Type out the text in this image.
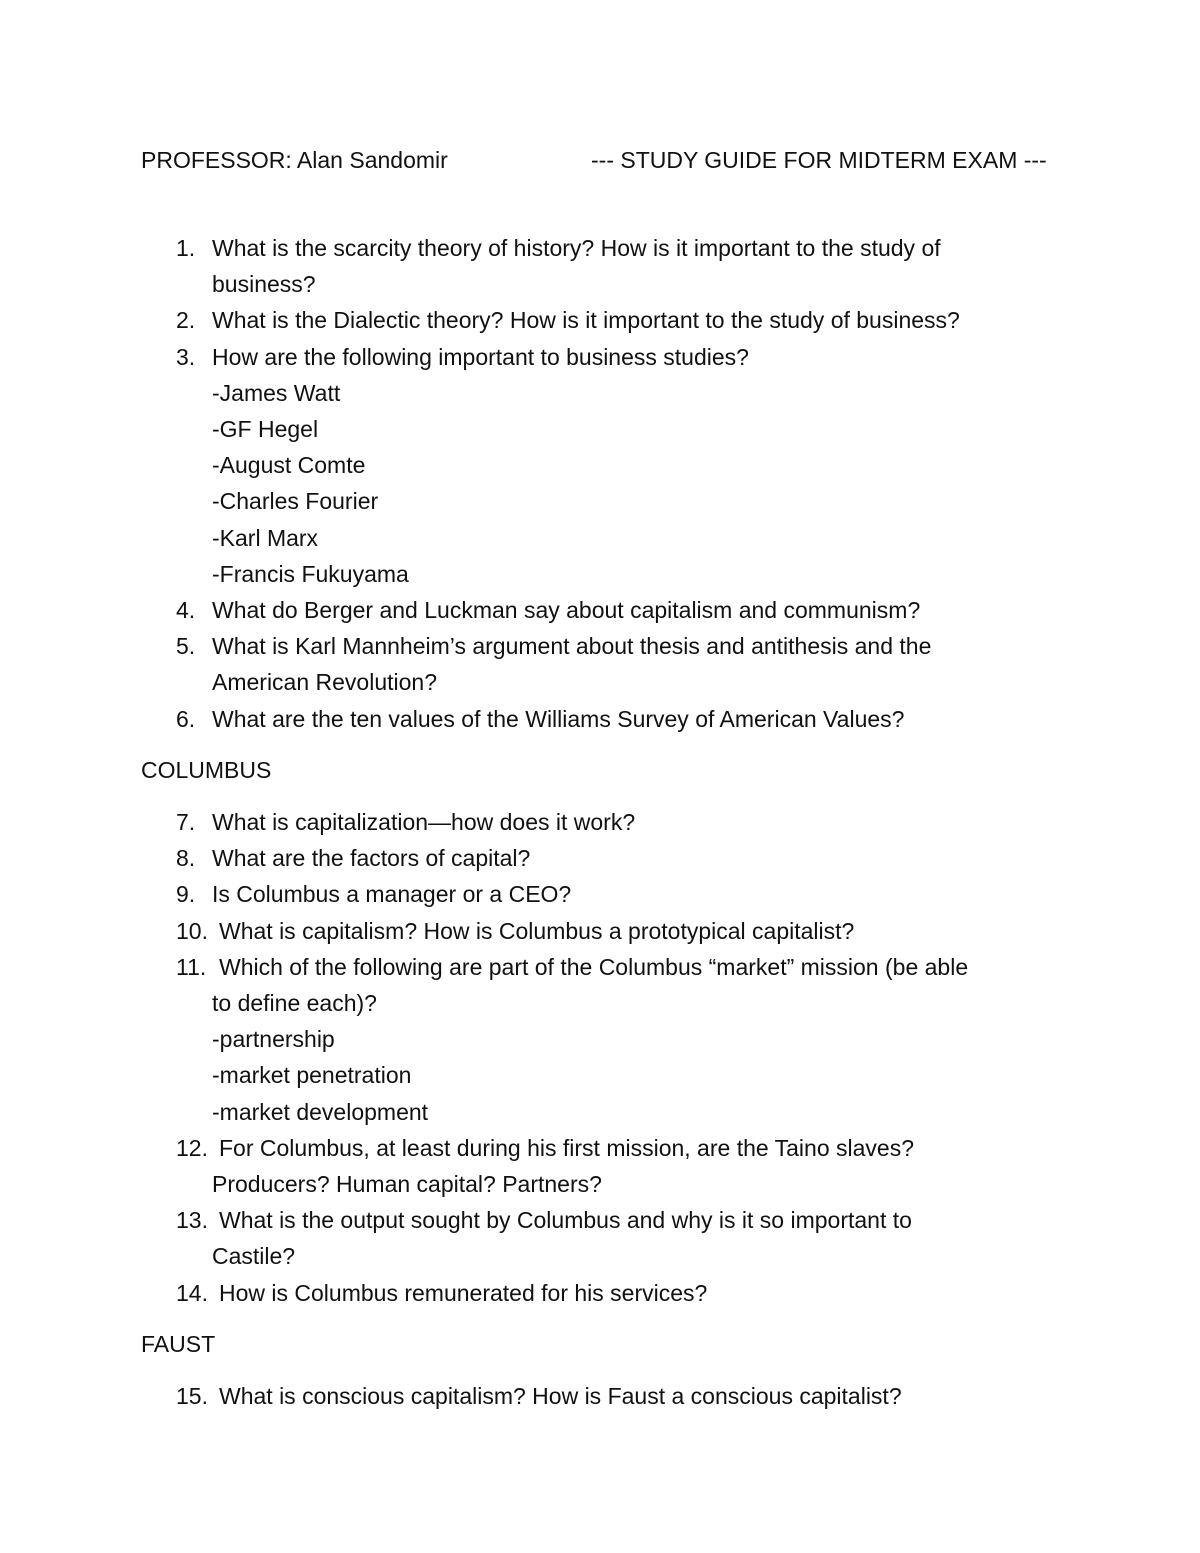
PROFESSOR: Alan Sandomir	--- STUDY GUIDE FOR MIDTERM EXAM ---
1. What is the scarcity theory of history? How is it important to the study of
business?
2. What is the Dialectic theory? How is it important to the study of business?
3. How are the following important to business studies?
-James Watt
-GF Hegel
-August Comte
-Charles Fourier
-Karl Marx
-Francis Fukuyama
4. What do Berger and Luckman say about capitalism and communism?
5. What is Karl Mannheim’s argument about thesis and antithesis and the
American Revolution?
6. What are the ten values of the Williams Survey of American Values?
COLUMBUS
7. What is capitalization—how does it work?
8. What are the factors of capital?
9. Is Columbus a manager or a CEO?
10. What is capitalism? How is Columbus a prototypical capitalist?
11. Which of the following are part of the Columbus “market” mission (be able
to define each)?
-partnership
-market penetration
-market development
12. For Columbus, at least during his first mission, are the Taino slaves?
Producers? Human capital? Partners?
13. What is the output sought by Columbus and why is it so important to
Castile?
14. How is Columbus remunerated for his services?
FAUST
15. What is conscious capitalism? How is Faust a conscious capitalist?
